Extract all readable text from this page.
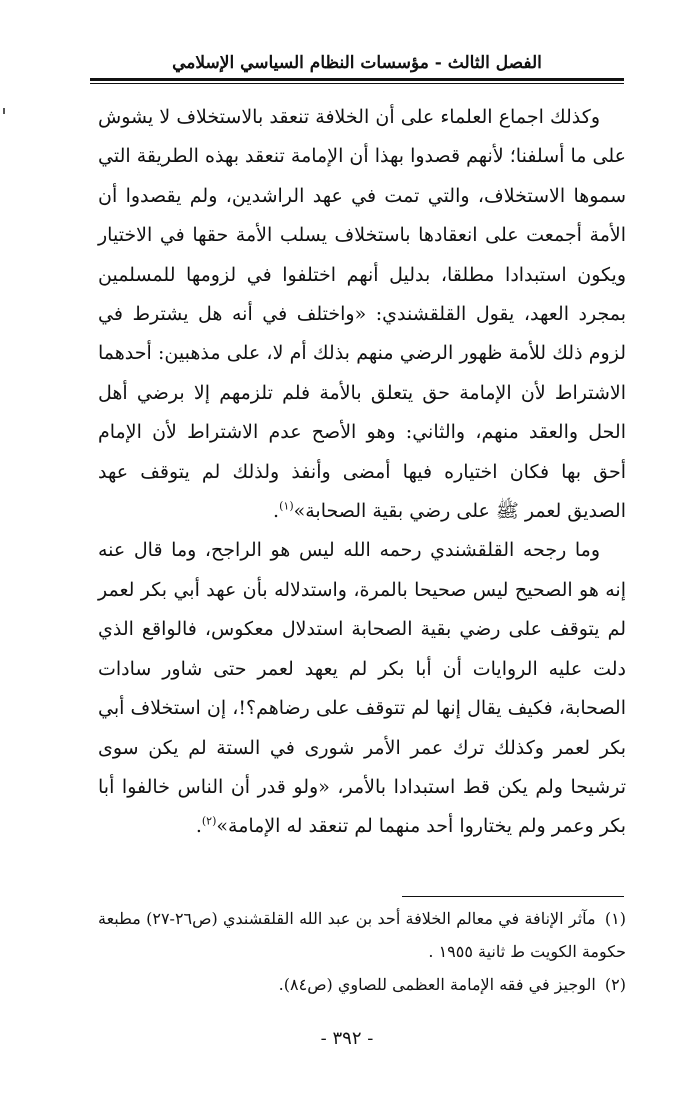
الفصل الثالث - مؤسسات النظام السياسي الإسلامي

وكذلك اجماع العلماء على أن الخلافة تنعقد بالاستخلاف لا يشوش على ما أسلفنا؛ لأنهم قصدوا بهذا أن الإمامة تنعقد بهذه الطريقة التي سموها الاستخلاف، والتي تمت في عهد الراشدين، ولم يقصدوا أن الأمة أجمعت على انعقادها باستخلاف يسلب الأمة حقها في الاختيار ويكون استبدادا مطلقا، بدليل أنهم اختلفوا في لزومها للمسلمين بمجرد العهد، يقول القلقشندي: «واختلف في أنه هل يشترط في لزوم ذلك للأمة ظهور الرضي منهم بذلك أم لا، على مذهبين: أحدهما الاشتراط لأن الإمامة حق يتعلق بالأمة فلم تلزمهم إلا برضي أهل الحل والعقد منهم، والثاني: وهو الأصح عدم الاشتراط لأن الإمام أحق بها فكان اختياره فيها أمضى وأنفذ ولذلك لم يتوقف عهد الصديق لعمر ﷺ على رضي بقية الصحابة»$^{(١)}$.

وما رجحه القلقشندي رحمه الله ليس هو الراجح، وما قال عنه إنه هو الصحيح ليس صحيحا بالمرة، واستدلاله بأن عهد أبي بكر لعمر لم يتوقف على رضي بقية الصحابة استدلال معكوس، فالواقع الذي دلت عليه الروايات أن أبا بكر لم يعهد لعمر حتى شاور سادات الصحابة، فكيف يقال إنها لم تتوقف على رضاهم؟!، إن استخلاف أبي بكر لعمر وكذلك ترك عمر الأمر شورى في الستة لم يكن سوى ترشيحا ولم يكن قط استبدادا بالأمر، «ولو قدر أن الناس خالفوا أبا بكر وعمر ولم يختاروا أحد منهما لم تنعقد له الإمامة»$^{(٢)}$.

(١) مآثر الإنافة في معالم الخلافة أحد بن عبد الله القلقشندي (ص٢٦-٢٧) مطبعة حكومة الكويت ط ثانية ١٩٥٥ .

(٢) الوجيز في فقه الإمامة العظمى للصاوي (ص٨٤).

- ٣٩٢ -
